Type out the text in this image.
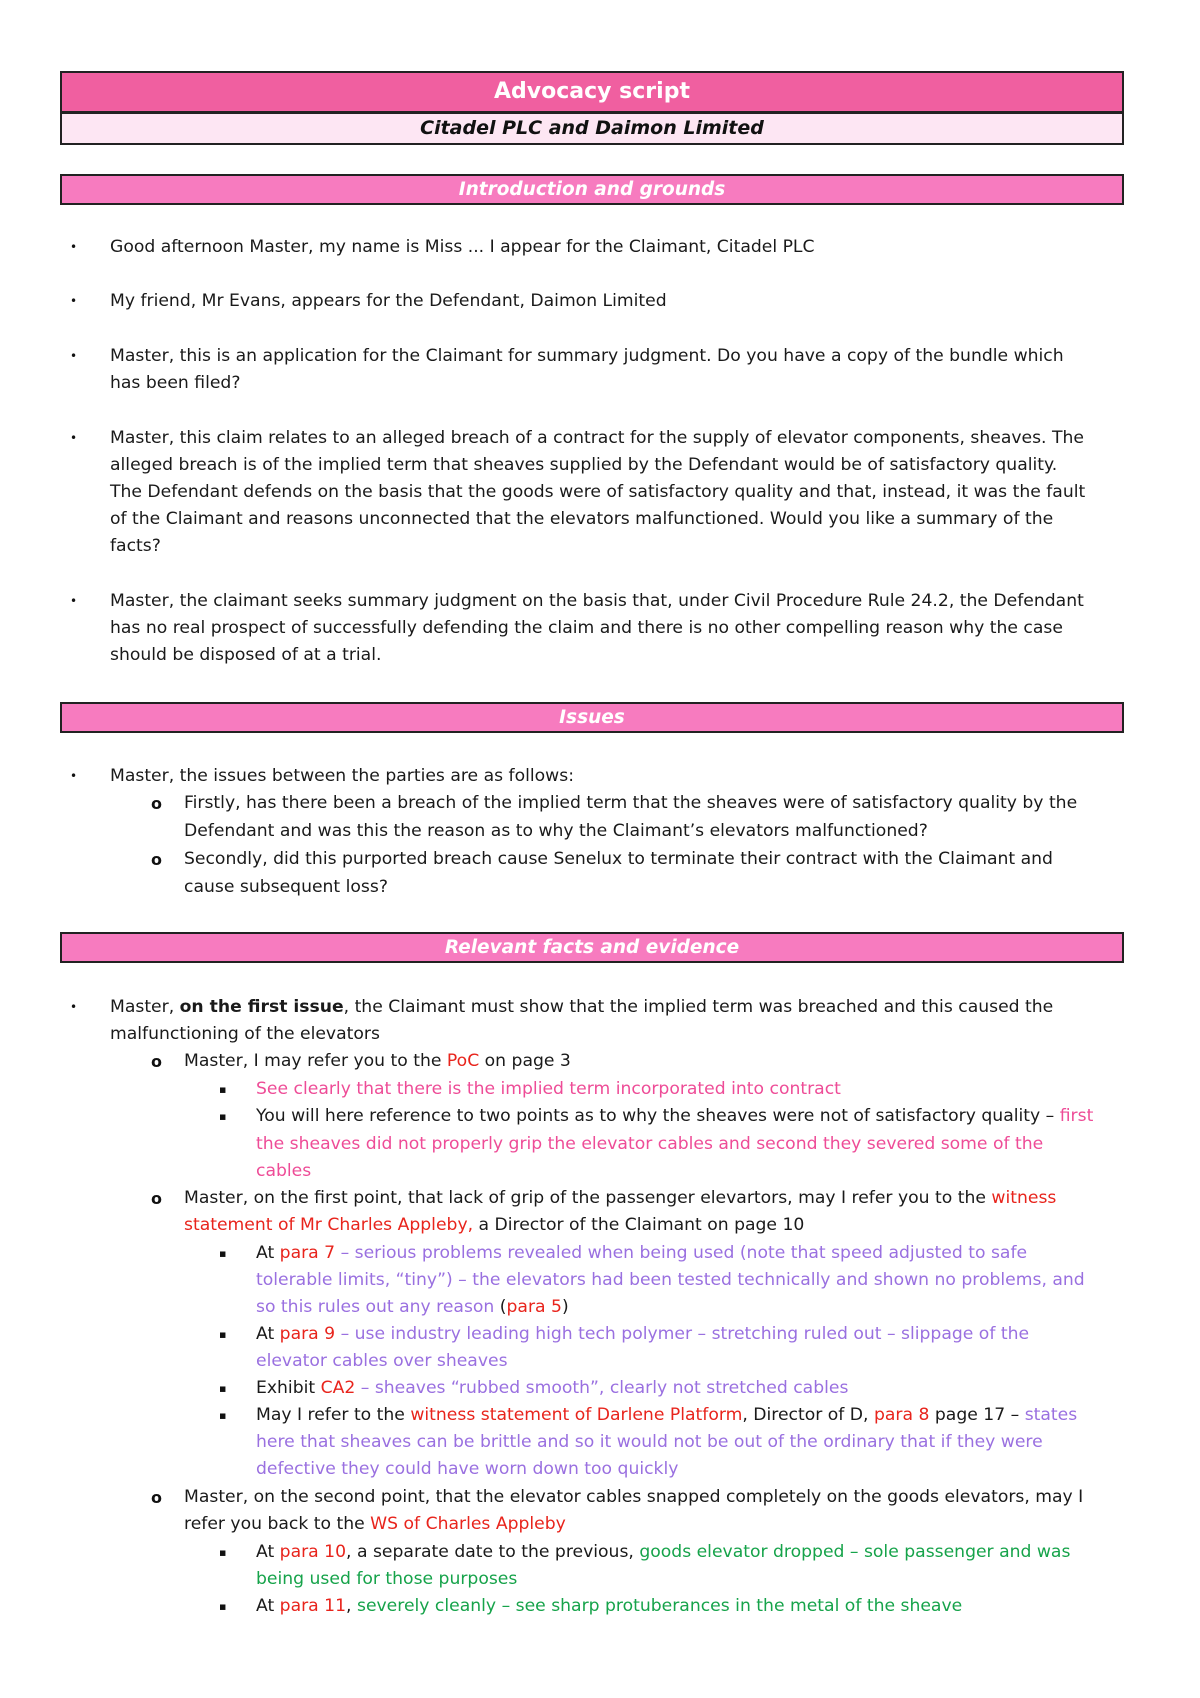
Advocacy script
Citadel PLC and Daimon Limited
Introduction and grounds
• Good afternoon Master, my name is Miss ... I appear for the Claimant, Citadel PLC
• My friend, Mr Evans, appears for the Defendant, Daimon Limited
• Master, this is an application for the Claimant for summary judgment. Do you have a copy of the bundle which
has been filed?
• Master, this claim relates to an alleged breach of a contract for the supply of elevator components, sheaves. The
alleged breach is of the implied term that sheaves supplied by the Defendant would be of satisfactory quality.
The Defendant defends on the basis that the goods were of satisfactory quality and that, instead, it was the fault
of the Claimant and reasons unconnected that the elevators malfunctioned. Would you like a summary of the
facts?
• Master, the claimant seeks summary judgment on the basis that, under Civil Procedure Rule 24.2, the Defendant
has no real prospect of successfully defending the claim and there is no other compelling reason why the case
should be disposed of at a trial.
Issues
• Master, the issues between the parties are as follows:
o Firstly, has there been a breach of the implied term that the sheaves were of satisfactory quality by the
Defendant and was this the reason as to why the Claimant’s elevators malfunctioned?
o Secondly, did this purported breach cause Senelux to terminate their contract with the Claimant and
cause subsequent loss?
Relevant facts and evidence
• Master, on the first issue, the Claimant must show that the implied term was breached and this caused the
malfunctioning of the elevators
o Master, I may refer you to the PoC on page 3
▪ See clearly that there is the implied term incorporated into contract
▪ You will here reference to two points as to why the sheaves were not of satisfactory quality – first
the sheaves did not properly grip the elevator cables and second they severed some of the
cables
o Master, on the first point, that lack of grip of the passenger elevartors, may I refer you to the witness
statement of Mr Charles Appleby, a Director of the Claimant on page 10
▪ At para 7 – serious problems revealed when being used (note that speed adjusted to safe
tolerable limits, “tiny”) – the elevators had been tested technically and shown no problems, and
so this rules out any reason (para 5)
▪ At para 9 – use industry leading high tech polymer – stretching ruled out – slippage of the
elevator cables over sheaves
▪ Exhibit CA2 – sheaves “rubbed smooth”, clearly not stretched cables
▪ May I refer to the witness statement of Darlene Platform, Director of D, para 8 page 17 – states
here that sheaves can be brittle and so it would not be out of the ordinary that if they were
defective they could have worn down too quickly
o Master, on the second point, that the elevator cables snapped completely on the goods elevators, may I
refer you back to the WS of Charles Appleby
▪ At para 10, a separate date to the previous, goods elevator dropped – sole passenger and was
being used for those purposes
▪ At para 11, severely cleanly – see sharp protuberances in the metal of the sheave
